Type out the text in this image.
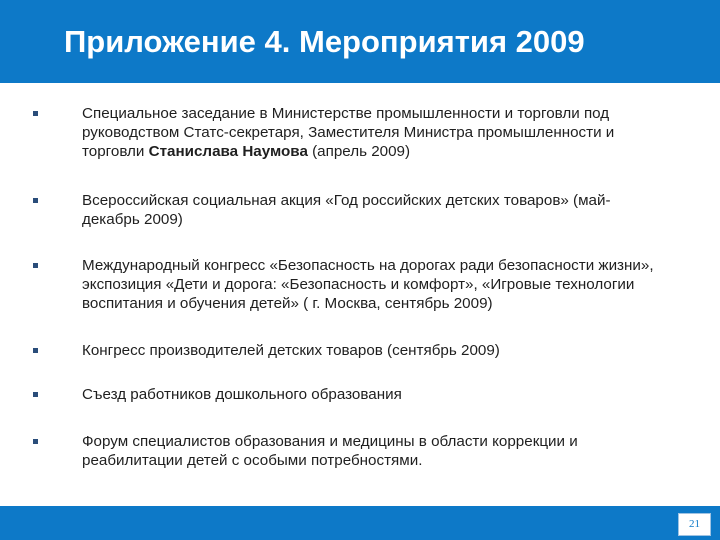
Приложение 4. Мероприятия 2009
Специальное заседание в Министерстве промышленности и торговли под
руководством Статс-секретаря, Заместителя Министра промышленности и
торговли Станислава Наумова (апрель 2009)
Всероссийская социальная акция «Год российских детских товаров» (май-
декабрь 2009)
Международный конгресс «Безопасность на дорогах ради безопасности жизни»,
экспозиция «Дети и дорога: «Безопасность и комфорт», «Игровые технологии
воспитания и обучения детей» ( г. Москва, сентябрь 2009)
Конгресс производителей детских товаров (сентябрь 2009)
Съезд работников дошкольного образования
Форум специалистов образования и медицины в области коррекции и
реабилитации детей с особыми потребностями.
21
